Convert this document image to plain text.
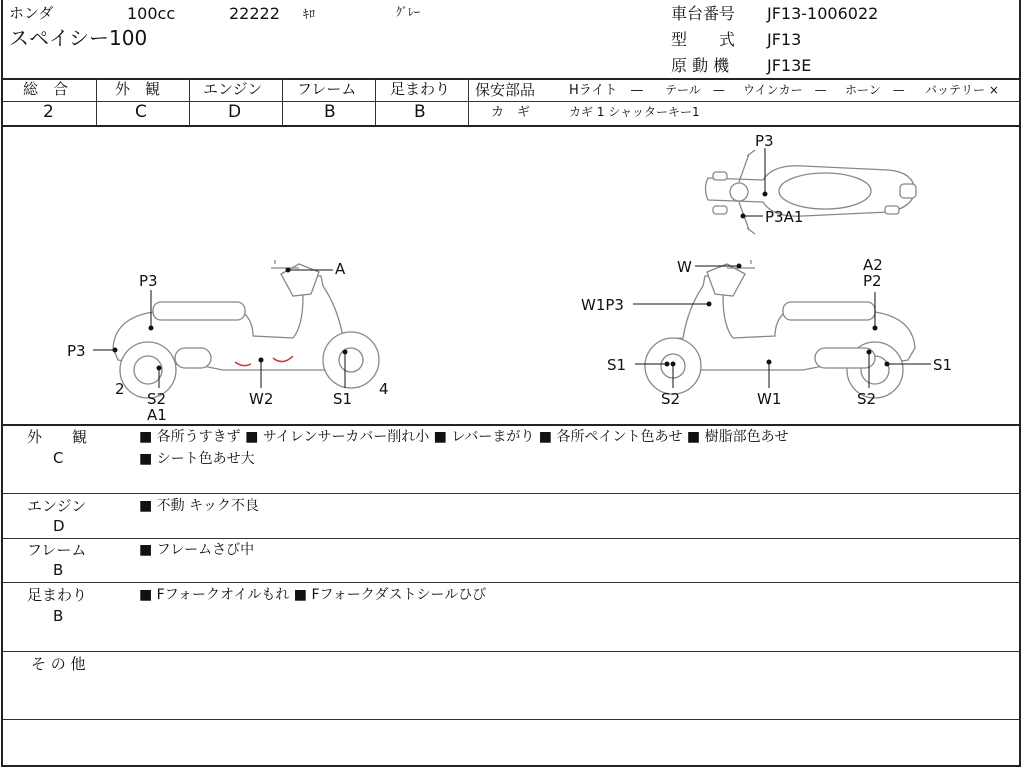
ホンダ	100cc	22222 ｷﾛ	ｸﾞﾚｰ
スペイシー100
車台番号 JF13-1006022
型　　式 JF13
原 動 機 JF13E
総　合	外　観	エンジン フレーム 足まわり
2	C	D	B	B
保安部品	Hライト　 — テール　 — ウインカー　 — ホーン　 — バッテリー ×
カ　ギ	カギ 1 シャッターキー1
P3
P3A1
A
P3
P3
2
S2
A1
W2	S1
4
W	A2
P2
W1P3
S1	S1
S2	W1	S2
外　　観
C
■ 各所うすきず ■ サイレンサーカバー削れ小 ■ レバーまがり ■ 各所ペイント色あせ ■ 樹脂部色あせ
■ シート色あせ大
エンジン
D
■ 不動 キック不良
フレーム
B
■ フレームさび中
足まわり
B
■ Fフォークオイルもれ ■ Fフォークダストシールひび
そ の 他
